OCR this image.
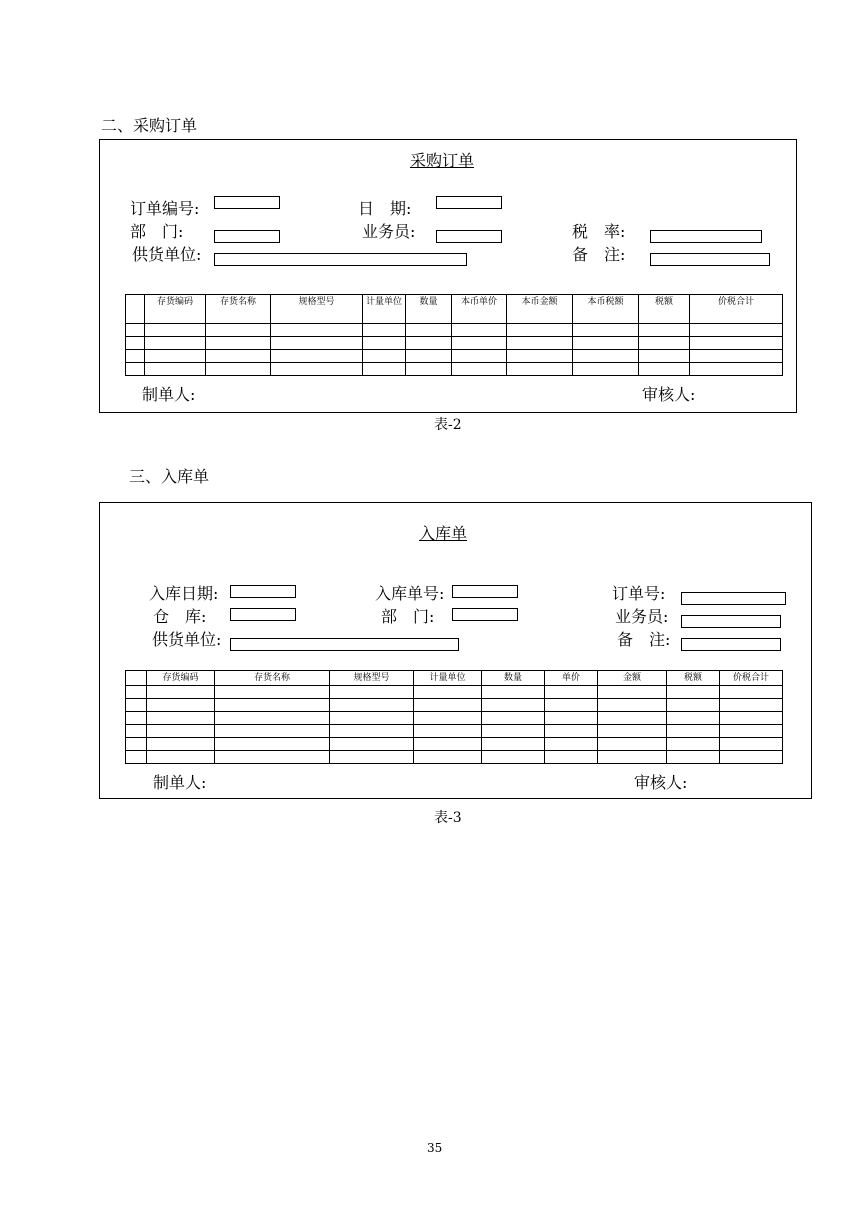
二、采购订单
采购订单
订单编号:	日　期:
部　门:	业务员:	税　率:
供货单位:	备　注:
	存货编码	存货名称	规格型号	计量单位	数量	本币单价	本币金额	本币税额	税额	价税合计

制单人:	审核人:
表-2
三、入库单
入库单
入库日期:	入库单号:	订单号:
仓　库:	部　门:	业务员:
供货单位:	备　注:
	存货编码	存货名称	规格型号	计量单位	数量	单价	金额	税额	价税合计

制单人:	审核人:
表-3
35
